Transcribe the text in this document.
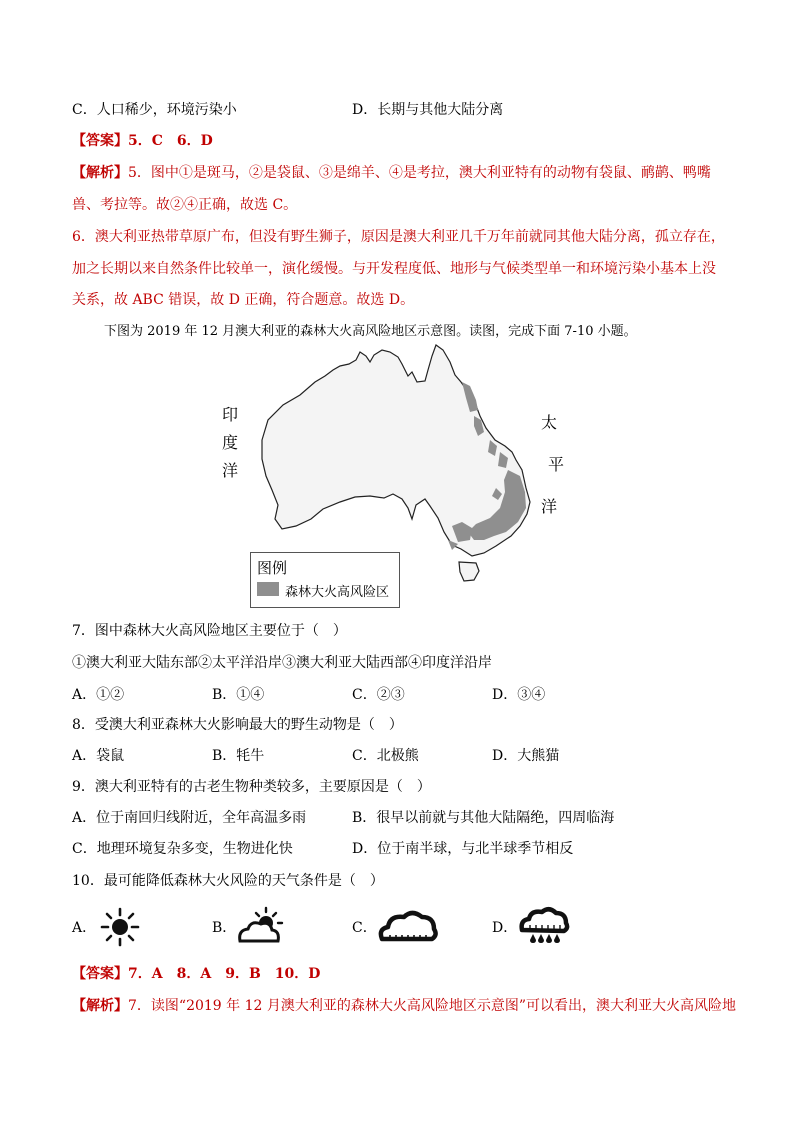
C．人口稀少，环境污染小	D．长期与其他大陆分离
【答案】5．C　6．D
【解析】5．图中①是斑马，②是袋鼠、③是绵羊、④是考拉，澳大利亚特有的动物有袋鼠、鸸鹋、鸭嘴
兽、考拉等。故②④正确，故选 C。
6．澳大利亚热带草原广布，但没有野生狮子，原因是澳大利亚几千万年前就同其他大陆分离，孤立存在，
加之长期以来自然条件比较单一，演化缓慢。与开发程度低、地形与气候类型单一和环境污染小基本上没
关系，故 ABC 错误，故 D 正确，符合题意。故选 D。
下图为 2019 年 12 月澳大利亚的森林大火高风险地区示意图。读图，完成下面 7-10 小题。
印
度
洋
太
平
洋
图例
森林大火高风险区
7．图中森林大火高风险地区主要位于（　）
①澳大利亚大陆东部②太平洋沿岸③澳大利亚大陆西部④印度洋沿岸
A．①②	B．①④	C．②③	D．③④
8．受澳大利亚森林大火影响最大的野生动物是（　）
A．袋鼠	B．牦牛	C．北极熊	D．大熊猫
9．澳大利亚特有的古老生物种类较多，主要原因是（　）
A．位于南回归线附近，全年高温多雨	B．很早以前就与其他大陆隔绝，四周临海
C．地理环境复杂多变，生物进化快	D．位于南半球，与北半球季节相反
10．最可能降低森林大火风险的天气条件是（　）
A．	B．	C．	D．
【答案】7．A　8．A　9．B　10．D
【解析】7．读图“2019 年 12 月澳大利亚的森林大火高风险地区示意图”可以看出，澳大利亚大火高风险地
